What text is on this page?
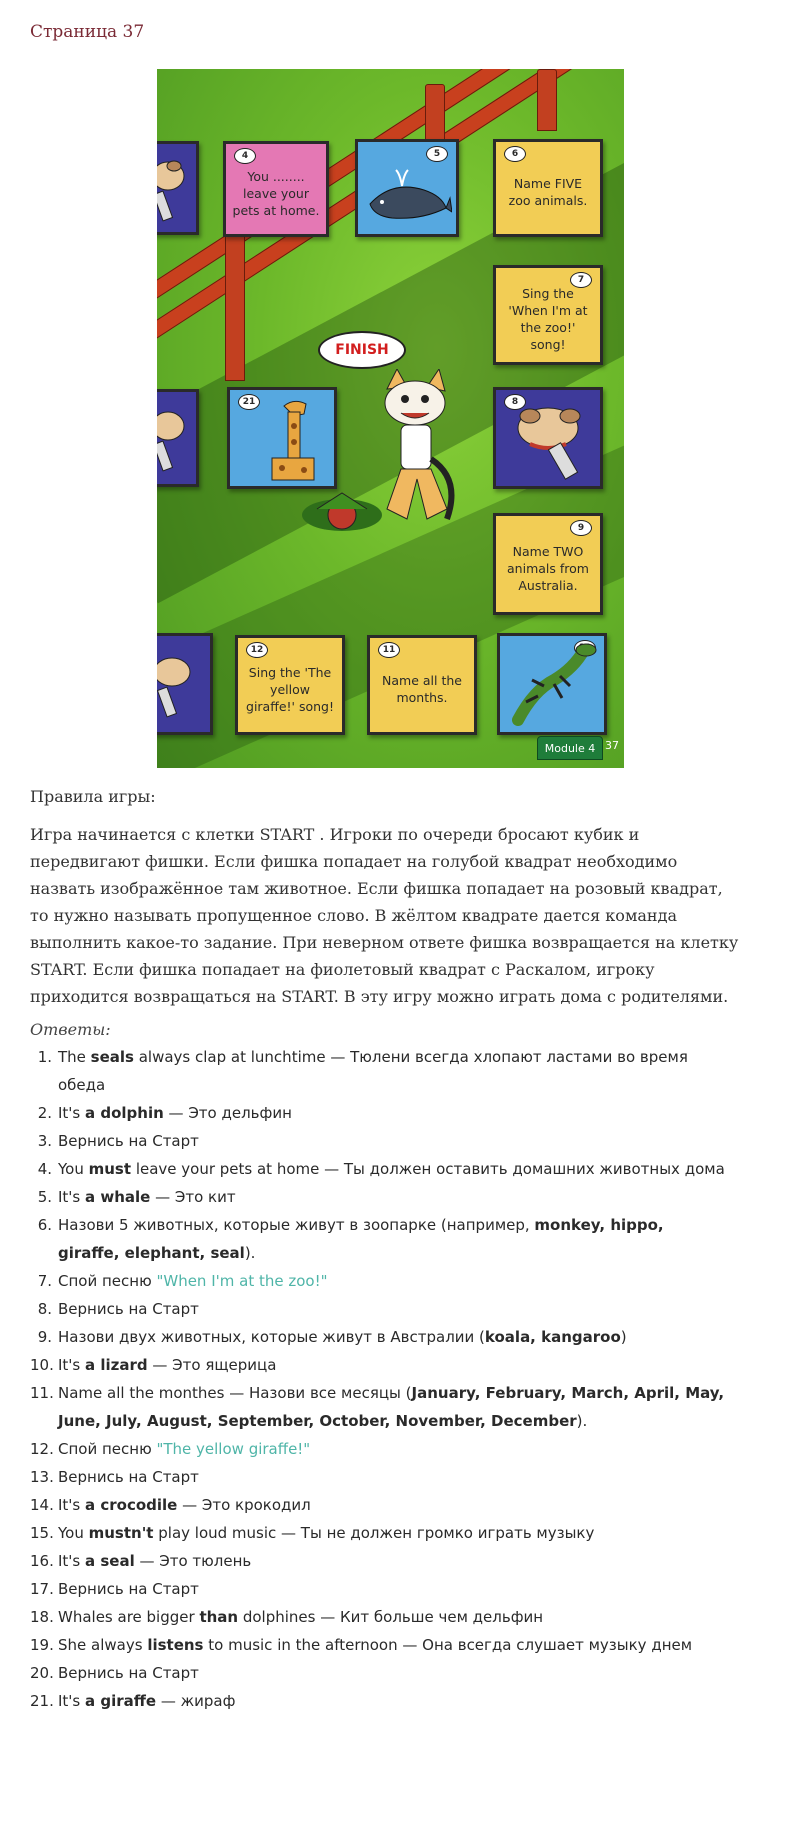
Страница 37
4
You ........ leave your pets at home.
5	6
Name FIVE zoo animals.
7
Sing the 'When I'm at the zoo!' song!
FINISH
21	8
9
Name TWO animals from Australia.
12
Sing the 'The yellow giraffe!' song!
11
Name all the months.
Module 4 37
Правила игры:
Игра начинается с клетки START . Игроки по очереди бросают кубик и передвигают фишки. Если фишка попадает на голубой квадрат необходимо назвать изображённое там животное. Если фишка попадает на розовый квадрат, то нужно называть пропущенное слово. В жёлтом квадрате дается команда выполнить какое-то задание. При неверном ответе фишка возвращается на клетку START. Если фишка попадает на фиолетовый квадрат с Раскалом, игроку приходится возвращаться на START. В эту игру можно играть дома с родителями.
Ответы:
1. The seals always clap at lunchtime — Тюлени всегда хлопают ластами во время обеда
2. It's a dolphin — Это дельфин
3. Вернись на Старт
4. You must leave your pets at home — Ты должен оставить домашних животных дома
5. It's a whale — Это кит
6. Назови 5 животных, которые живут в зоопарке (например, monkey, hippo, giraffe, elephant, seal).
7. Спой песню "When I'm at the zoo!"
8. Вернись на Старт
9. Назови двух животных, которые живут в Австралии (koala, kangaroo)
10. It's a lizard — Это ящерица
11. Name all the monthes — Назови все месяцы (January, February, March, April, May, June, July, August, September, October, November, December).
12. Спой песню "The yellow giraffe!"
13. Вернись на Старт
14. It's a crocodile — Это крокодил
15. You mustn't play loud music — Ты не должен громко играть музыку
16. It's a seal — Это тюлень
17. Вернись на Старт
18. Whales are bigger than dolphines — Кит больше чем дельфин
19. She always listens to music in the afternoon — Она всегда слушает музыку днем
20. Вернись на Старт
21. It's a giraffe — жираф
